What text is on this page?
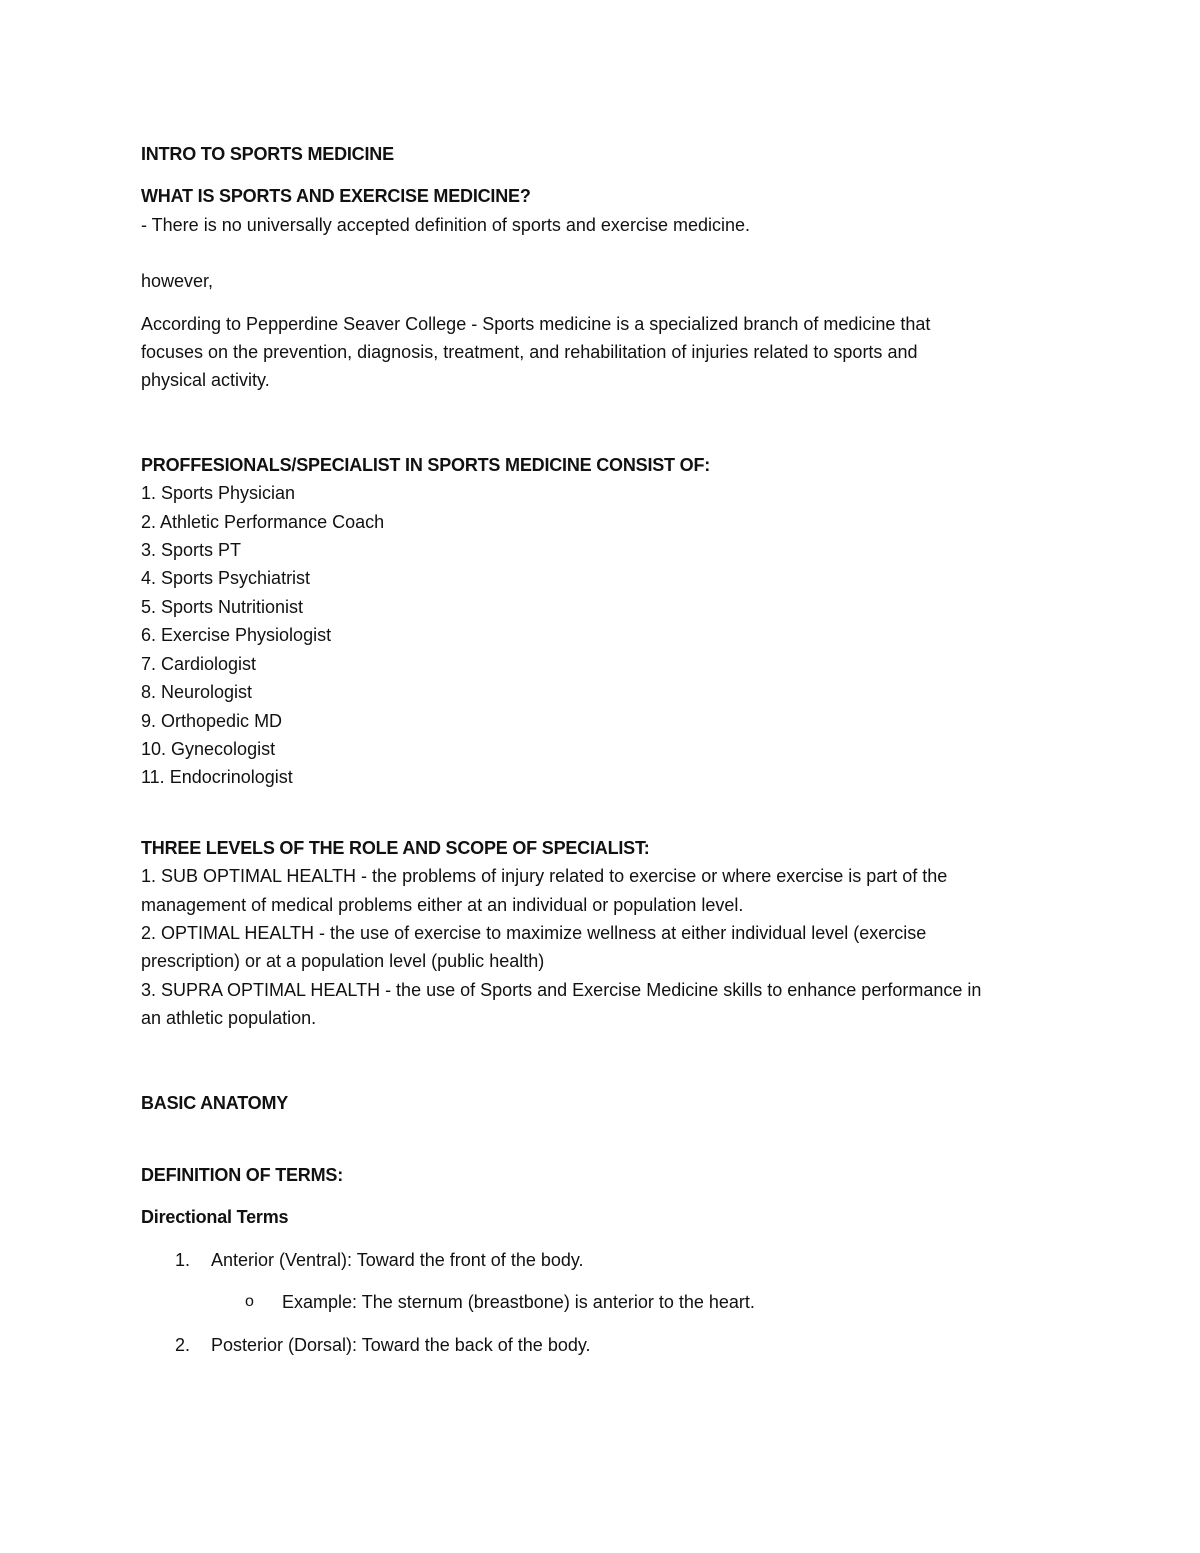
INTRO TO SPORTS MEDICINE

WHAT IS SPORTS AND EXERCISE MEDICINE?

- There is no universally accepted definition of sports and exercise medicine.

however,

According to Pepperdine Seaver College - Sports medicine is a specialized branch of medicine that

focuses on the prevention, diagnosis, treatment, and rehabilitation of injuries related to sports and

physical activity.

PROFFESIONALS/SPECIALIST IN SPORTS MEDICINE CONSIST OF:

1. Sports Physician

2. Athletic Performance Coach

3. Sports PT

4. Sports Psychiatrist

5. Sports Nutritionist

6. Exercise Physiologist

7. Cardiologist

8. Neurologist

9. Orthopedic MD

10. Gynecologist

11. Endocrinologist

THREE LEVELS OF THE ROLE AND SCOPE OF SPECIALIST:

1. SUB OPTIMAL HEALTH - the problems of injury related to exercise or where exercise is part of the

management of medical problems either at an individual or population level.

2. OPTIMAL HEALTH - the use of exercise to maximize wellness at either individual level (exercise

prescription) or at a population level (public health)

3. SUPRA OPTIMAL HEALTH - the use of Sports and Exercise Medicine skills to enhance performance in

an athletic population.

BASIC ANATOMY

DEFINITION OF TERMS:

Directional Terms

1. Anterior (Ventral): Toward the front of the body.

o Example: The sternum (breastbone) is anterior to the heart.

2. Posterior (Dorsal): Toward the back of the body.
